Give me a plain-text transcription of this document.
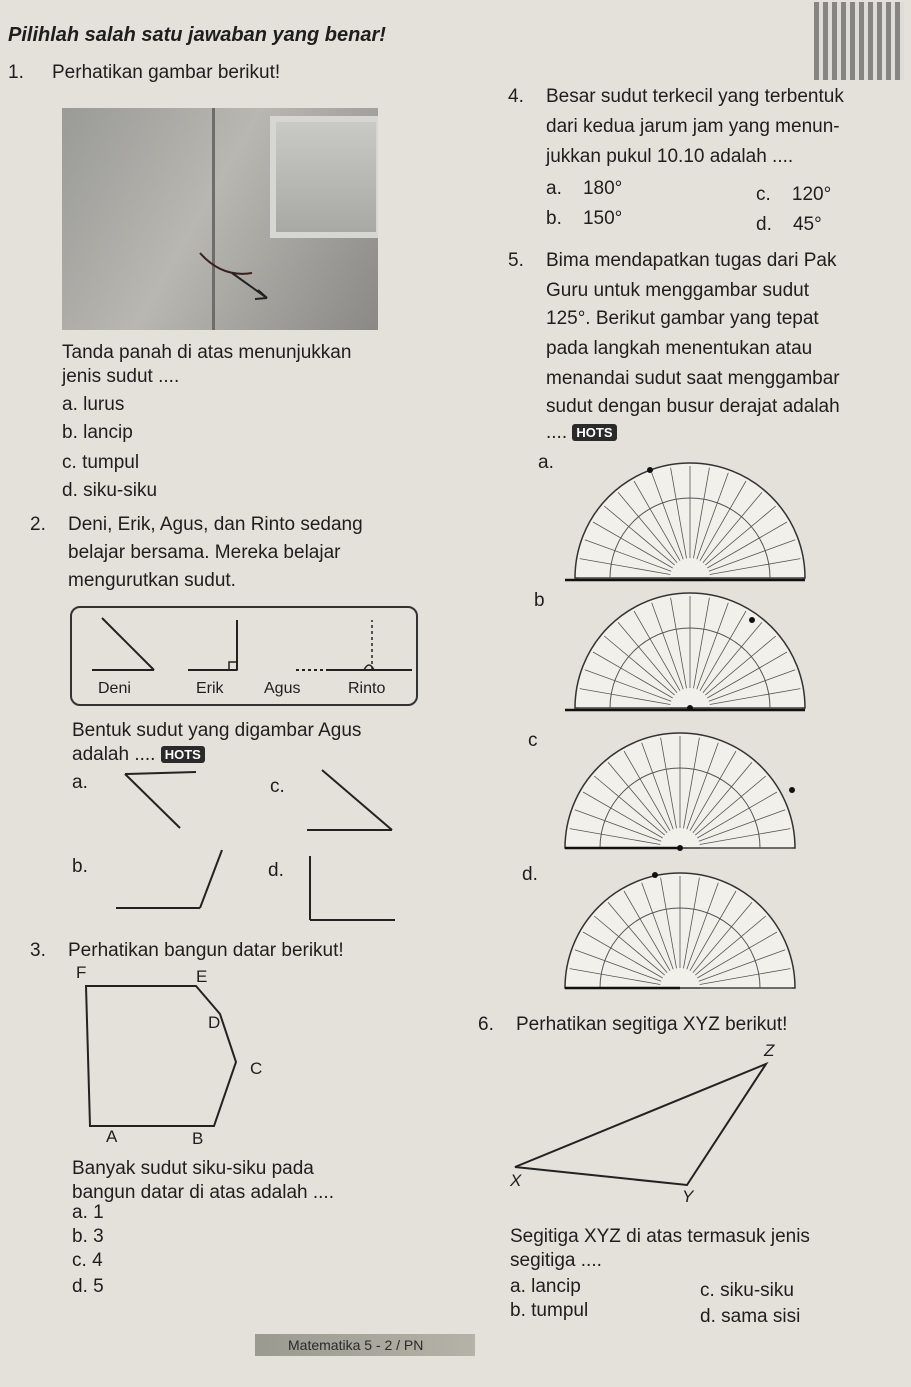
Pilihlah salah satu jawaban yang benar!
1. Perhatikan gambar berikut!
Tanda panah di atas menunjukkan
jenis sudut ....
a. lurus
b. lancip
c. tumpul
d. siku-siku
2. Deni, Erik, Agus, dan Rinto sedang
belajar bersama. Mereka belajar
mengurutkan sudut.
Deni	Erik	Agus	Rinto
Bentuk sudut yang digambar Agus
adalah .... HOTS
a.	c.
b.	d.
3. Perhatikan bangun datar berikut!
F	E
D
C
A	B
Banyak sudut siku-siku pada
bangun datar di atas adalah ....
a. 1
b. 3
c. 4
d. 5
4. Besar sudut terkecil yang terbentuk
dari kedua jarum jam yang menun-
jukkan pukul 10.10 adalah ....
a. 180°
b. 150°
c. 120°
d. 45°
5. Bima mendapatkan tugas dari Pak
Guru untuk menggambar sudut
125°. Berikut gambar yang tepat
pada langkah menentukan atau
menandai sudut saat menggambar
sudut dengan busur derajat adalah
.... HOTS
a.
b
c
d.
6. Perhatikan segitiga XYZ berikut!
Z
X
Y
Segitiga XYZ di atas termasuk jenis
segitiga ....
a. lancip
b. tumpul
c. siku-siku
d. sama sisi
Matematika 5 - 2 / PN
